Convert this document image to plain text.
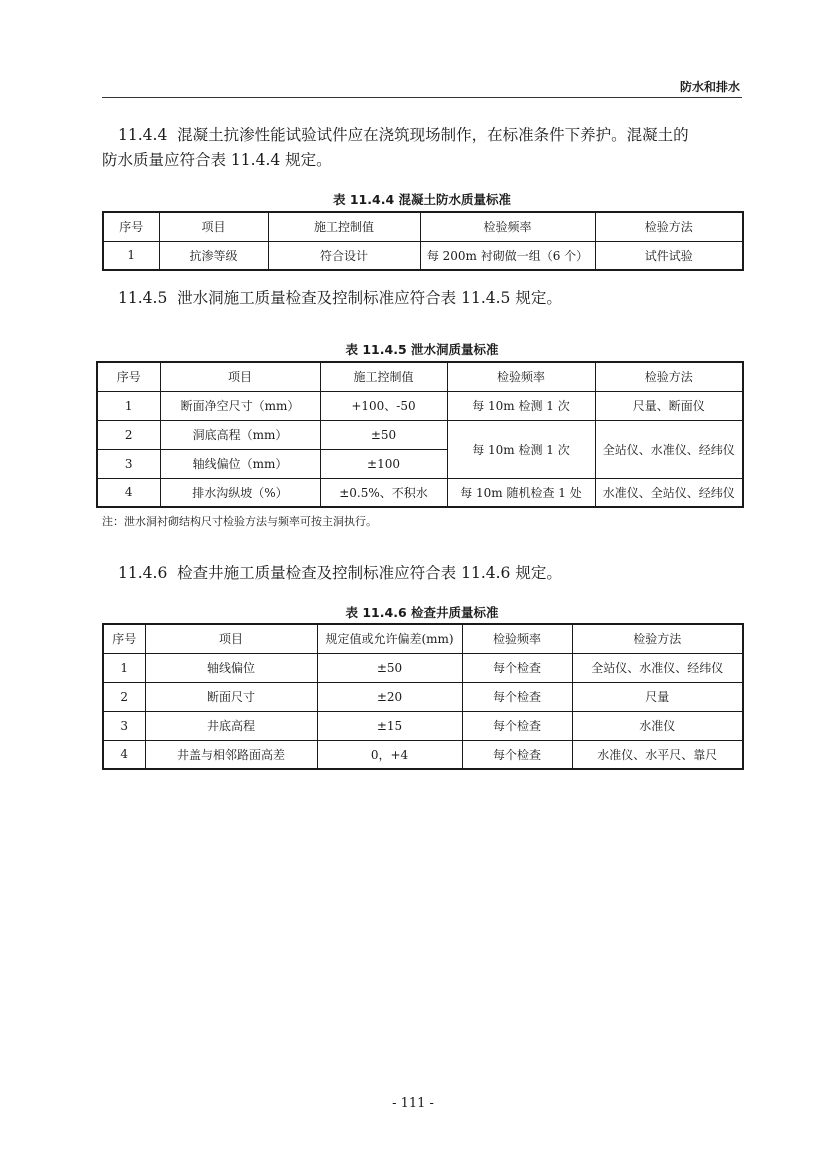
防水和排水
11.4.4 混凝土抗渗性能试验试件应在浇筑现场制作，在标准条件下养护。混凝土的
防水质量应符合表 11.4.4 规定。
表 11.4.4 混凝土防水质量标准
序号	项目	施工控制值	检验频率	检验方法
1	抗渗等级	符合设计	每 200m 衬砌做一组（6 个）	试件试验
11.4.5 泄水洞施工质量检查及控制标准应符合表 11.4.5 规定。
表 11.4.5 泄水洞质量标准
序号	项目	施工控制值	检验频率	检验方法
1	断面净空尺寸（mm）	+100、-50	每 10m 检测 1 次	尺量、断面仪
2	洞底高程（mm）	±50	每 10m 检测 1 次	全站仪、水准仪、经纬仪
3	轴线偏位（mm）	±100		
4	排水沟纵坡（%）	±0.5%、不积水	每 10m 随机检查 1 处	水准仪、全站仪、经纬仪
注：泄水洞衬砌结构尺寸检验方法与频率可按主洞执行。
11.4.6 检查井施工质量检查及控制标准应符合表 11.4.6 规定。
表 11.4.6 检查井质量标准
序号	项目	规定值或允许偏差(mm)	检验频率	检验方法
1	轴线偏位	±50	每个检查	全站仪、水准仪、经纬仪
2	断面尺寸	±20	每个检查	尺量
3	井底高程	±15	每个检查	水准仪
4	井盖与相邻路面高差	0，+4	每个检查	水准仪、水平尺、靠尺
- 111 -
